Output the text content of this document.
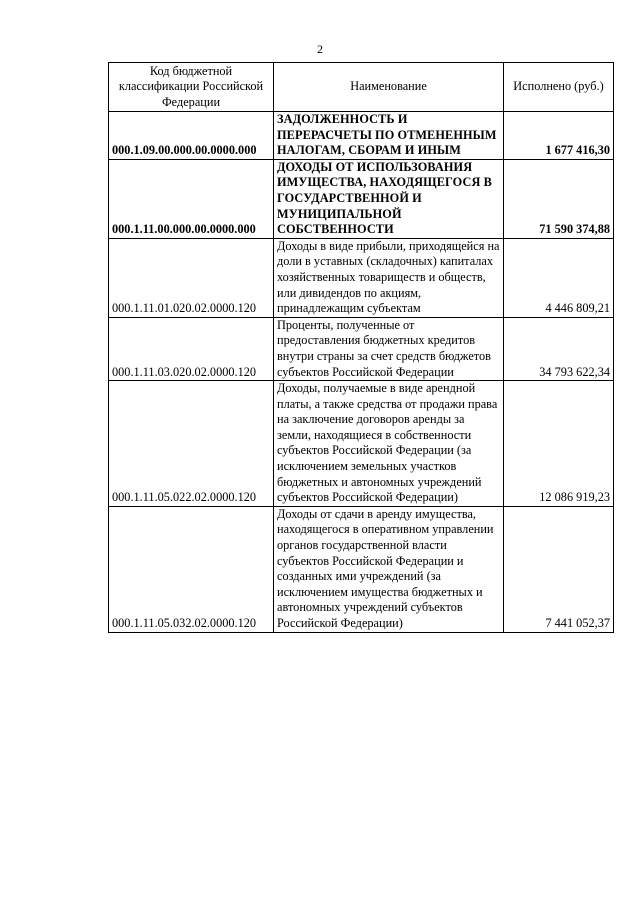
2
Код бюджетной классификации Российской Федерации	Наименование	Исполнено (руб.)
000.1.09.00.000.00.0000.000	ЗАДОЛЖЕННОСТЬ И ПЕРЕРАСЧЕТЫ ПО ОТМЕНЕННЫМ НАЛОГАМ, СБОРАМ И ИНЫМ	1 677 416,30
000.1.11.00.000.00.0000.000	ДОХОДЫ ОТ ИСПОЛЬЗОВАНИЯ ИМУЩЕСТВА, НАХОДЯЩЕГОСЯ В ГОСУДАРСТВЕННОЙ И МУНИЦИПАЛЬНОЙ СОБСТВЕННОСТИ	71 590 374,88
000.1.11.01.020.02.0000.120	Доходы в виде прибыли, приходящейся на доли в уставных (складочных) капиталах хозяйственных товариществ и обществ, или дивидендов по акциям, принадлежащим субъектам	4 446 809,21
000.1.11.03.020.02.0000.120	Проценты, полученные от предоставления бюджетных кредитов внутри страны за счет средств бюджетов субъектов Российской Федерации	34 793 622,34
000.1.11.05.022.02.0000.120	Доходы, получаемые в виде арендной платы, а также средства от продажи права на заключение договоров аренды за земли, находящиеся в собственности субъектов Российской Федерации (за исключением земельных участков бюджетных и автономных учреждений субъектов Российской Федерации)	12 086 919,23
000.1.11.05.032.02.0000.120	Доходы от сдачи в аренду имущества, находящегося в оперативном управлении органов государственной власти субъектов Российской Федерации и созданных ими учреждений (за исключением имущества бюджетных и автономных учреждений субъектов Российской Федерации)	7 441 052,37
